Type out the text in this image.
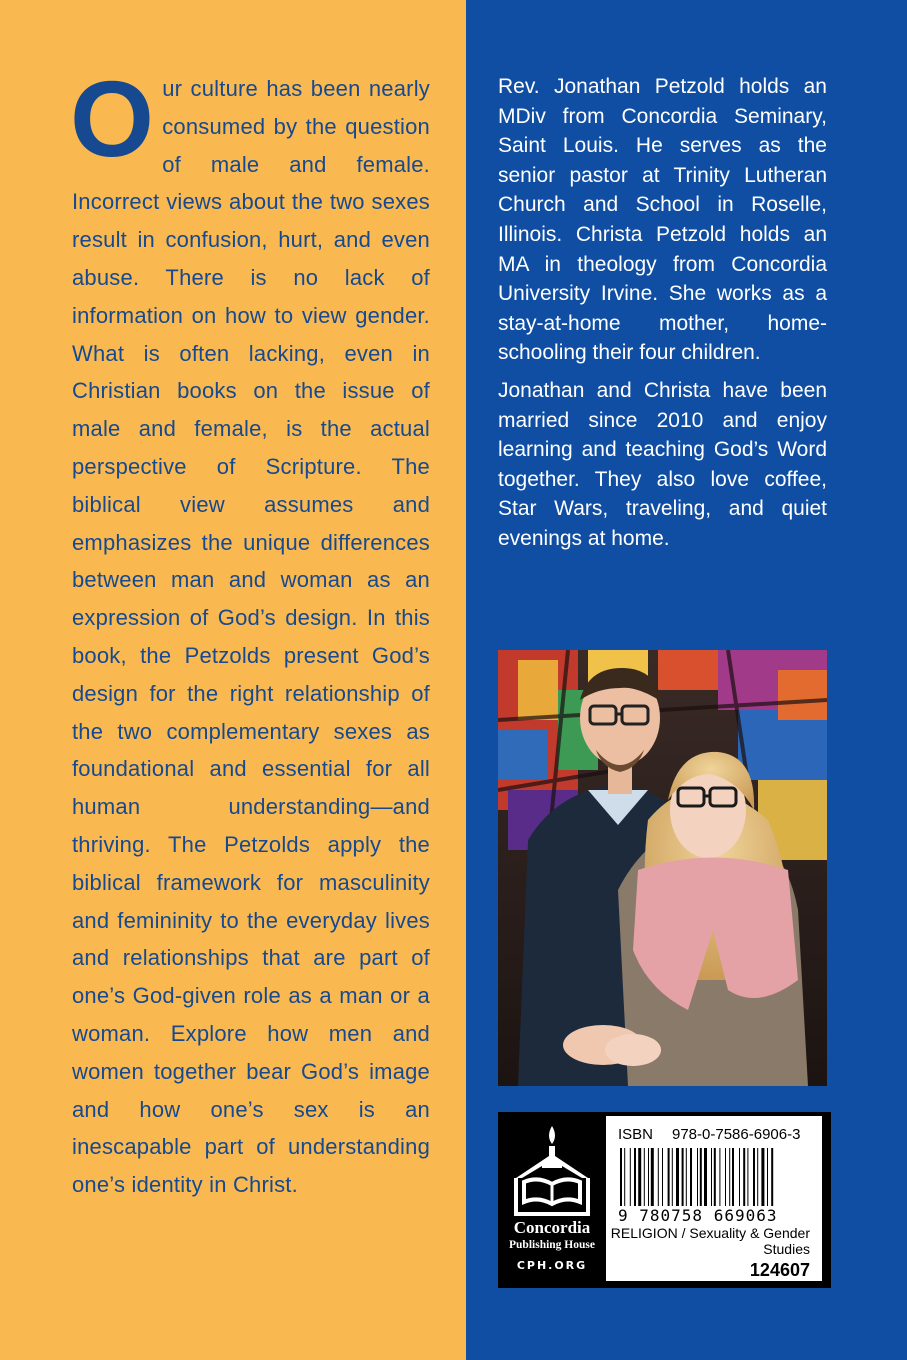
Our culture has been nearly consumed by the question of male and female. Incorrect views about the two sexes result in confusion, hurt, and even abuse. There is no lack of information on how to view gender. What is often lacking, even in Christian books on the issue of male and female, is the actual perspective of Scripture. The biblical view assumes and emphasizes the unique differences between man and woman as an expression of God’s design. In this book, the Petzolds present God’s design for the right relationship of the two complementary sexes as foundational and essential for all human understanding—and thriving. The Petzolds apply the biblical framework for masculinity and femininity to the everyday lives and relationships that are part of one’s God-given role as a man or a woman. Explore how men and women together bear God’s image and how one’s sex is an inescapable part of understanding one’s identity in Christ.

Rev. Jonathan Petzold holds an MDiv from Concordia Seminary, Saint Louis. He serves as the senior pastor at Trinity Lutheran Church and School in Roselle, Illinois. Christa Petzold holds an MA in theology from Concordia University Irvine. She works as a stay-at-home mother, homeschooling their four children.

Jonathan and Christa have been married since 2010 and enjoy learning and teaching God’s Word together. They also love coffee, Star Wars, traveling, and quiet evenings at home.

Concordia
Publishing House
CPH.ORG
ISBN 978-0-7586-6906-3
9 780758 669063
RELIGION / Sexuality & Gender Studies
124607
